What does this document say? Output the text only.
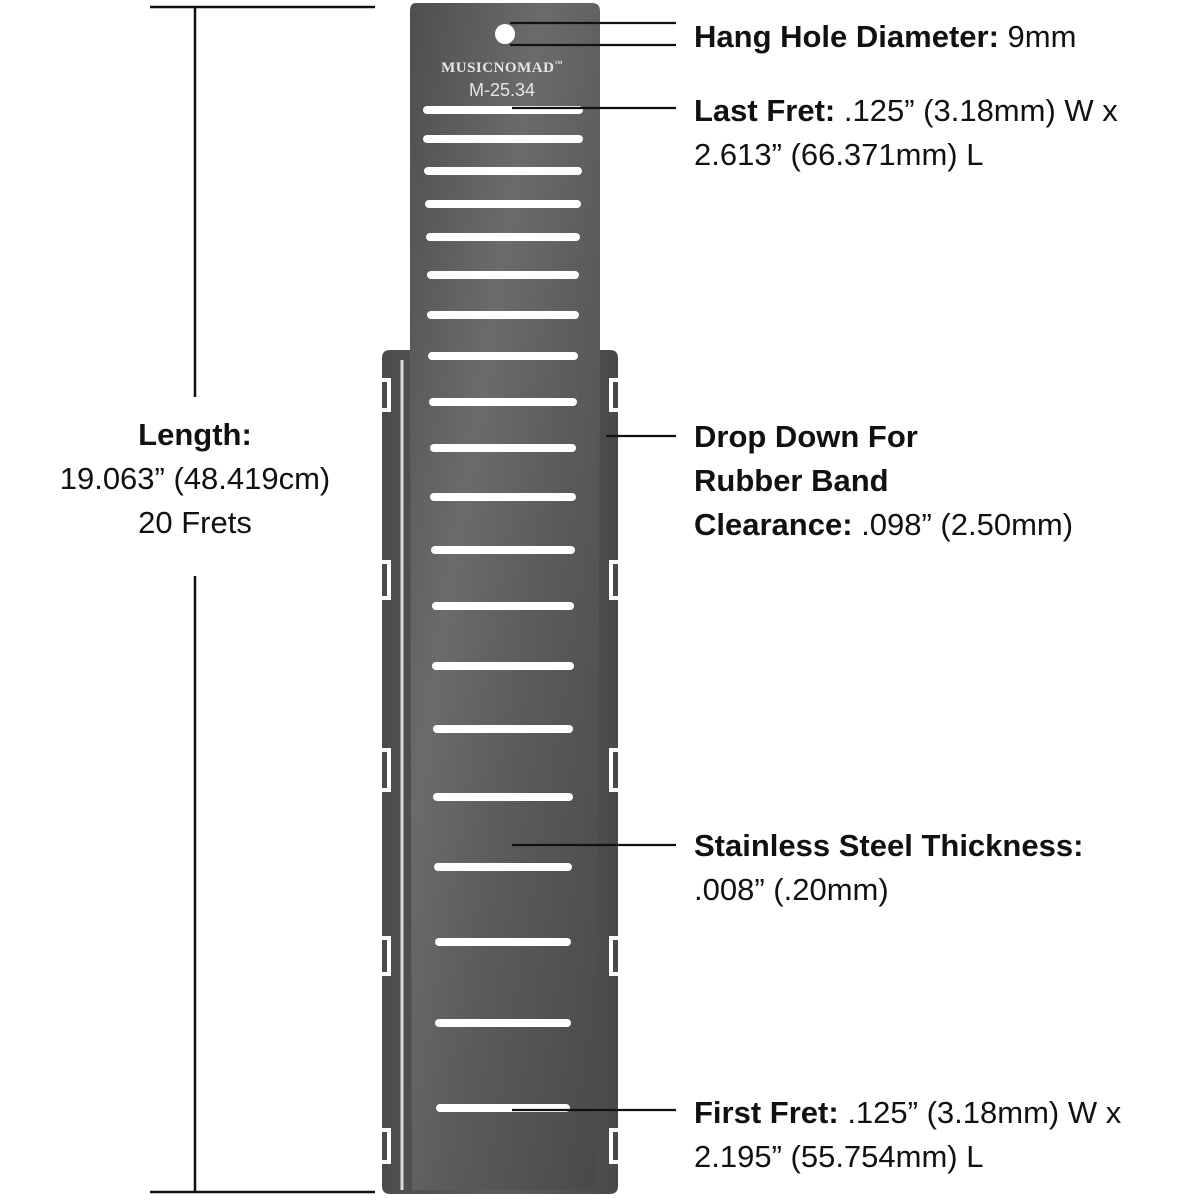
MUSICNOMAD™
M-25.34
Hang Hole Diameter: 9mm
Last Fret: .125” (3.18mm) W x
2.613” (66.371mm) L
Drop Down For
Rubber Band
Clearance: .098” (2.50mm)
Stainless Steel Thickness:
.008” (.20mm)
First Fret: .125” (3.18mm) W x
2.195” (55.754mm) L
Length:
19.063” (48.419cm)
20 Frets
